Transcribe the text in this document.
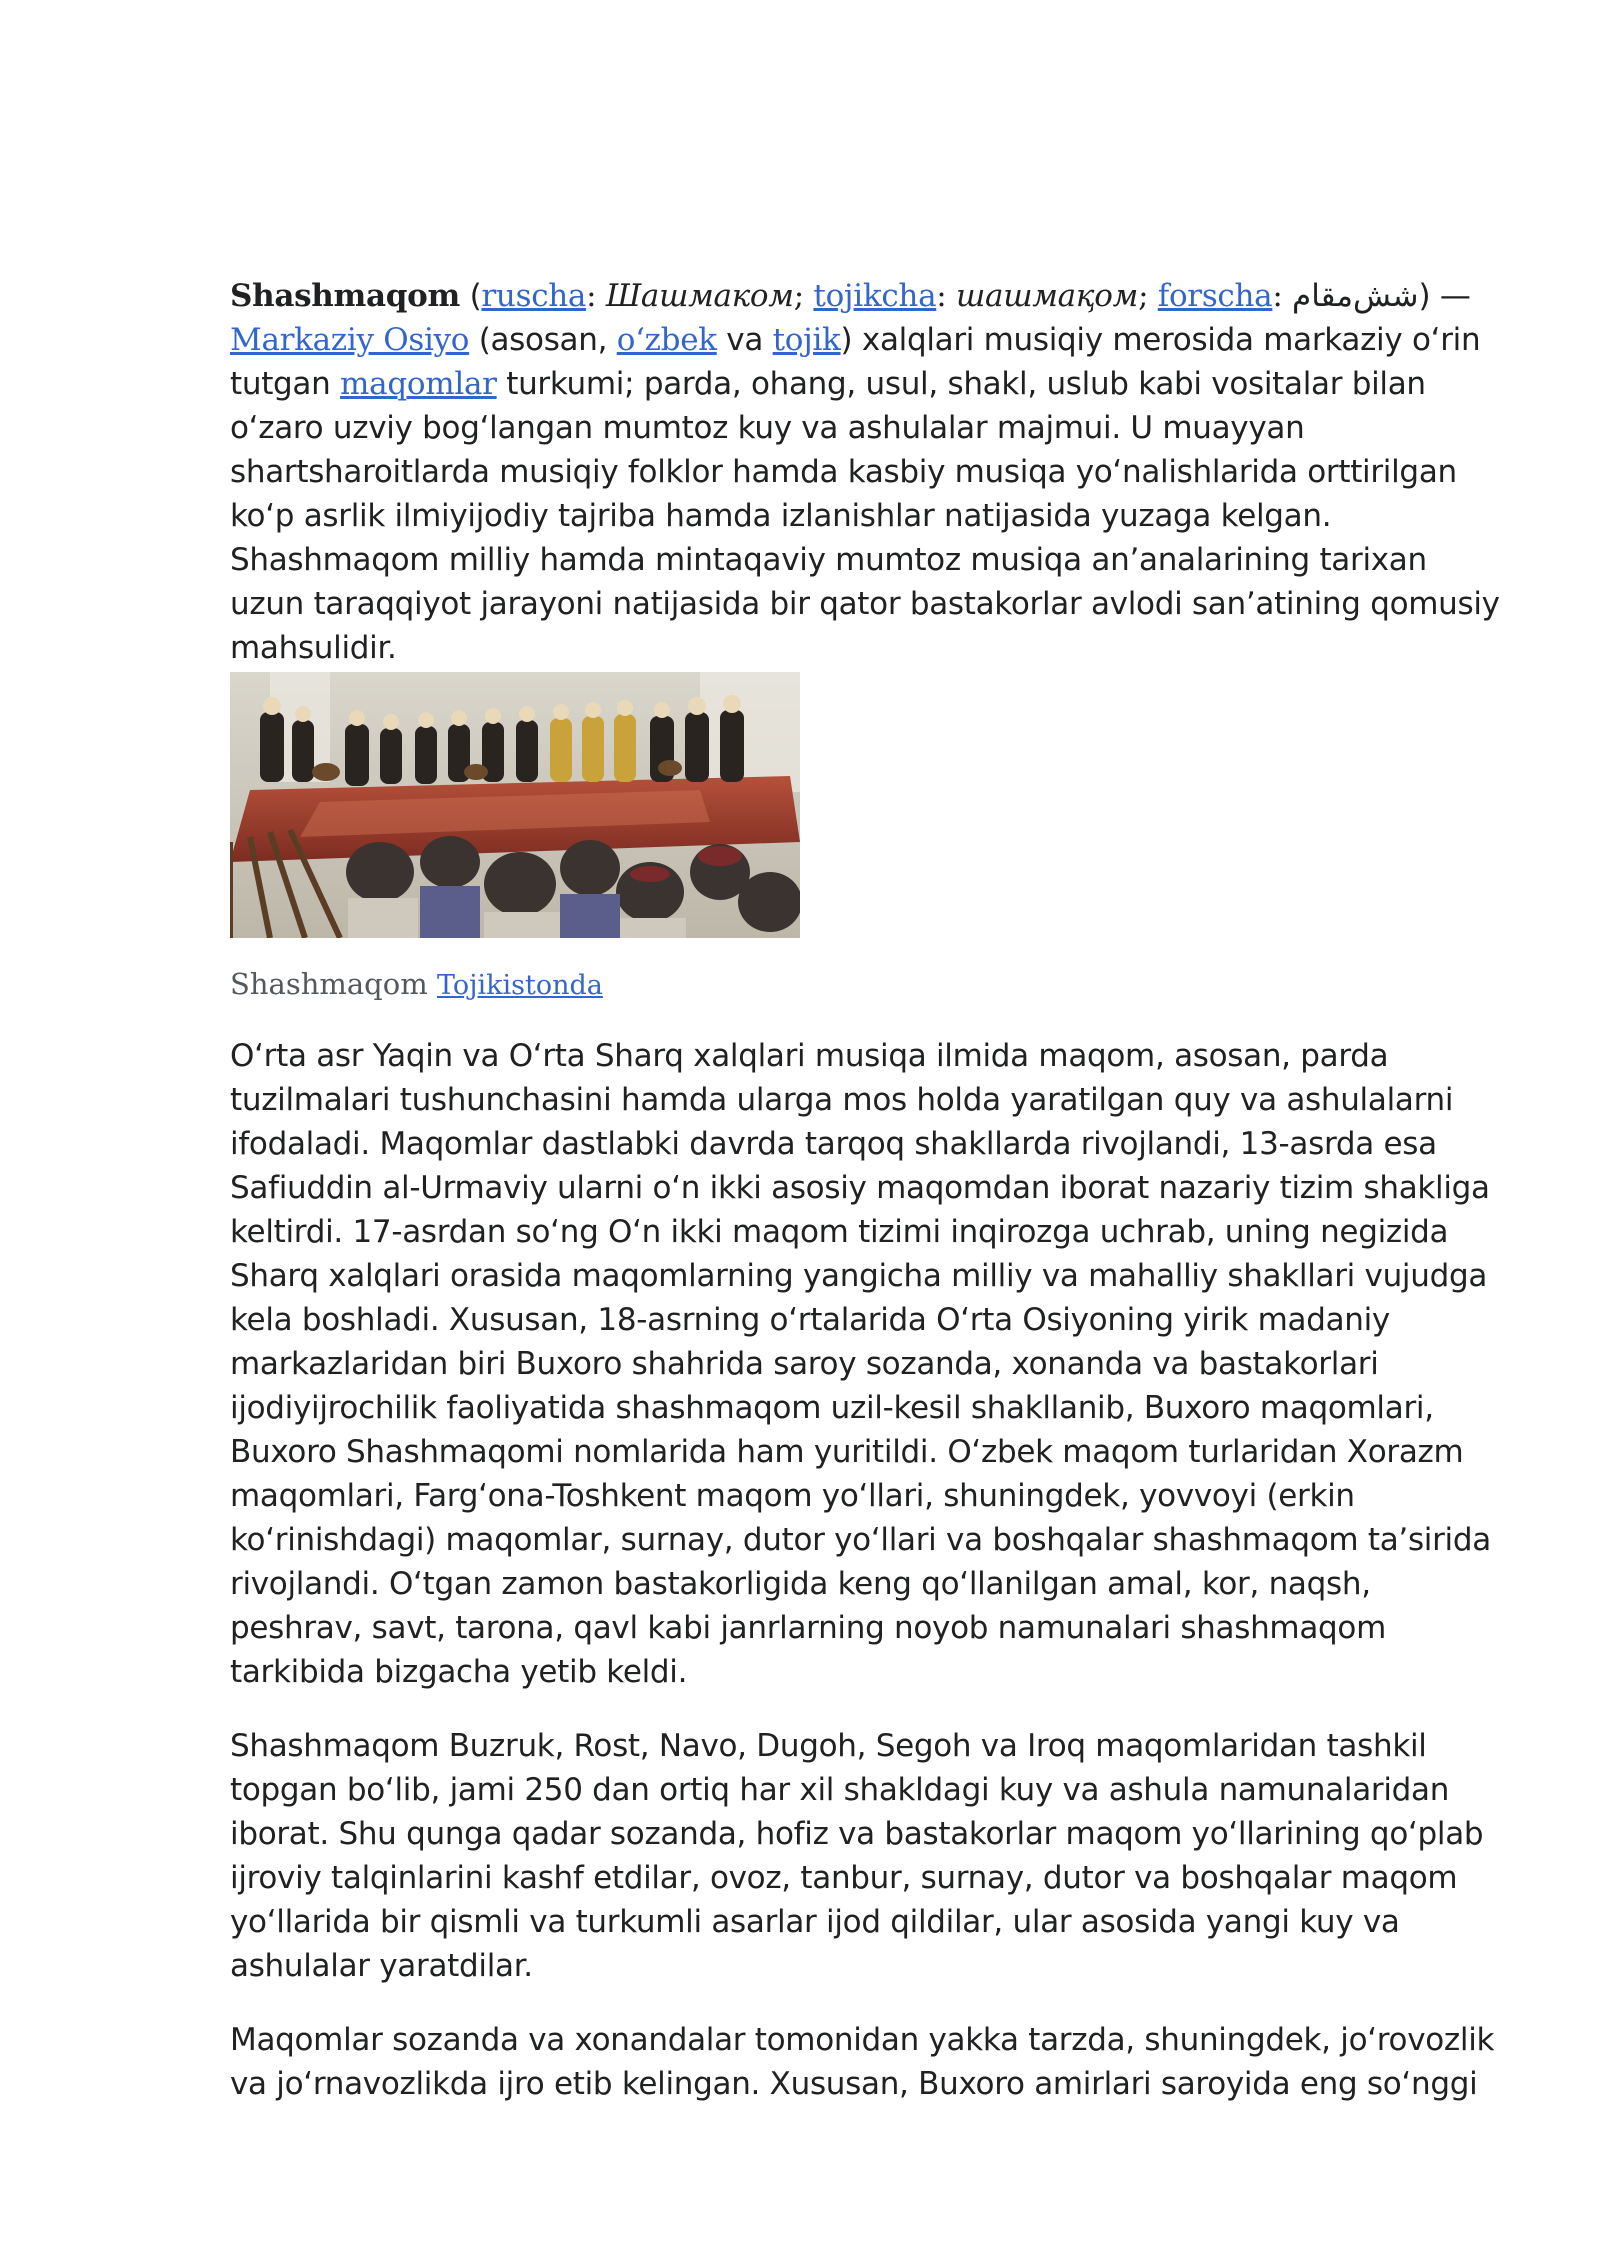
Shashmaqom (ruscha: Шашмаком; tojikcha: шашмақом; forscha: شش‌مقام) — Markaziy Osiyo (asosan, oʻzbek va tojik) xalqlari musiqiy merosida markaziy oʻrin tutgan maqomlar turkumi; parda, ohang, usul, shakl, uslub kabi vositalar bilan oʻzaro uzviy bogʻlangan mumtoz kuy va ashulalar majmui. U muayyan shartsharoitlarda musiqiy folklor hamda kasbiy musiqa yoʻnalishlarida orttirilgan koʻp asrlik ilmiyijodiy tajriba hamda izlanishlar natijasida yuzaga kelgan. Shashmaqom milliy hamda mintaqaviy mumtoz musiqa anʼanalarining tarixan uzun taraqqiyot jarayoni natijasida bir qator bastakorlar avlodi sanʼatining qomusiy mahsulidir.

Shashmaqom Tojikistonda

Oʻrta asr Yaqin va Oʻrta Sharq xalqlari musiqa ilmida maqom, asosan, parda tuzilmalari tushunchasini hamda ularga mos holda yaratilgan quy va ashulalarni ifodaladi. Maqomlar dastlabki davrda tarqoq shakllarda rivojlandi, 13-asrda esa Safiuddin al-Urmaviy ularni oʻn ikki asosiy maqomdan iborat nazariy tizim shakliga keltirdi. 17-asrdan soʻng Oʻn ikki maqom tizimi inqirozga uchrab, uning negizida Sharq xalqlari orasida maqomlarning yangicha milliy va mahalliy shakllari vujudga kela boshladi. Xususan, 18-asrning oʻrtalarida Oʻrta Osiyoning yirik madaniy markazlaridan biri Buxoro shahrida saroy sozanda, xonanda va bastakorlari ijodiyijrochilik faoliyatida shashmaqom uzil-kesil shakllanib, Buxoro maqomlari, Buxoro Shashmaqomi nomlarida ham yuritildi. Oʻzbek maqom turlaridan Xorazm maqomlari, Fargʻona-Toshkent maqom yoʻllari, shuningdek, yovvoyi (erkin koʻrinishdagi) maqomlar, surnay, dutor yoʻllari va boshqalar shashmaqom taʼsirida rivojlandi. Oʻtgan zamon bastakorligida keng qoʻllanilgan amal, kor, naqsh, peshrav, savt, tarona, qavl kabi janrlarning noyob namunalari shashmaqom tarkibida bizgacha yetib keldi.

Shashmaqom Buzruk, Rost, Navo, Dugoh, Segoh va Iroq maqomlaridan tashkil topgan boʻlib, jami 250 dan ortiq har xil shakldagi kuy va ashula namunalaridan iborat. Shu qunga qadar sozanda, hofiz va bastakorlar maqom yoʻllarining qoʻplab ijroviy talqinlarini kashf etdilar, ovoz, tanbur, surnay, dutor va boshqalar maqom yoʻllarida bir qismli va turkumli asarlar ijod qildilar, ular asosida yangi kuy va ashulalar yaratdilar.

Maqomlar sozanda va xonandalar tomonidan yakka tarzda, shuningdek, joʻrovozlik va joʻrnavozlikda ijro etib kelingan. Xususan, Buxoro amirlari saroyida eng soʻnggi
